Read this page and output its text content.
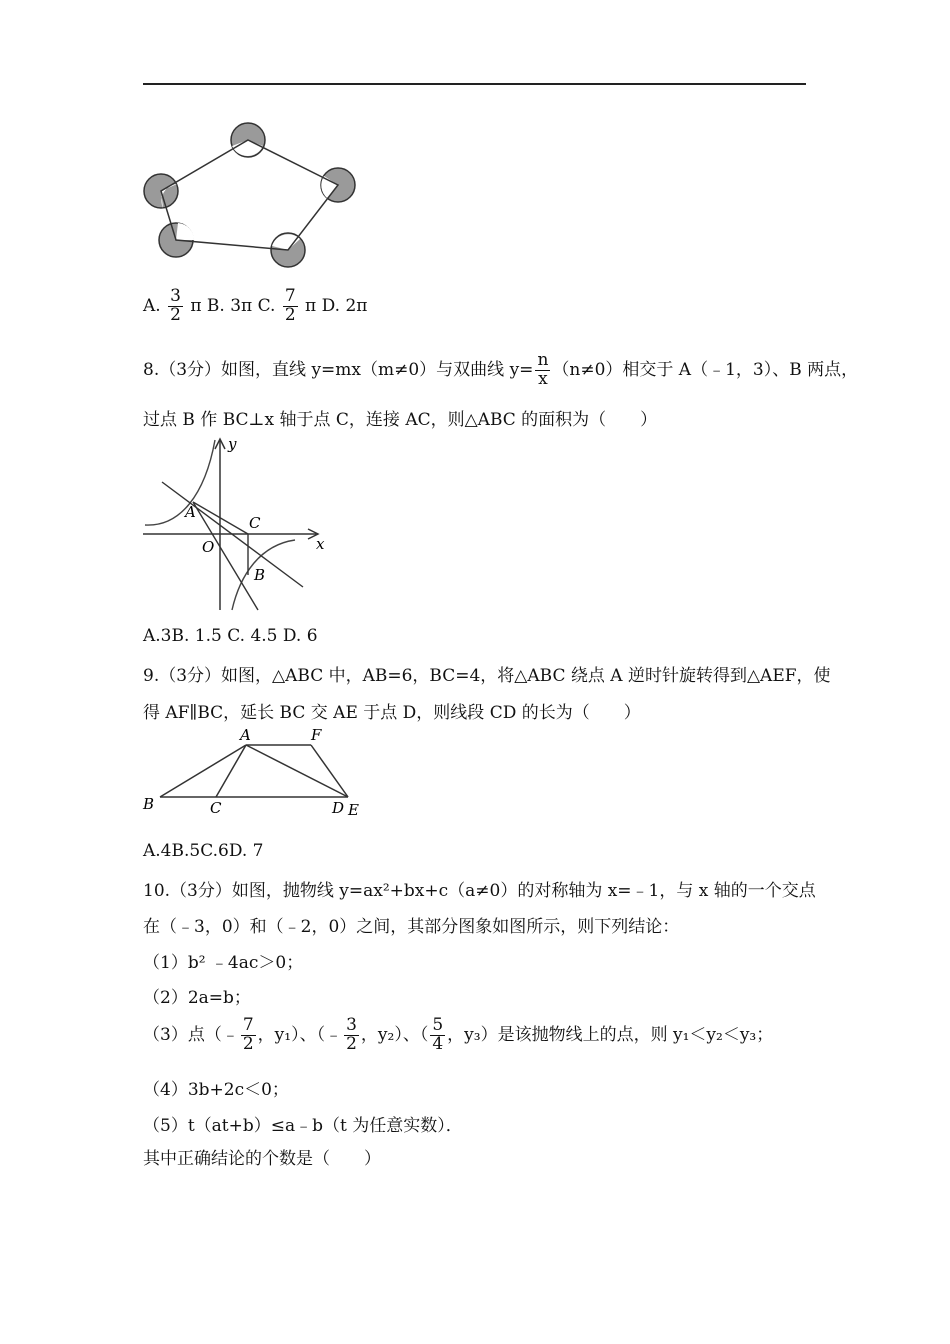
A. $\frac{3}{2}$ π B. 3π C. $\frac{7}{2}$ π D. 2π
8.（3分）如图，直线 y=mx（m≠0）与双曲线 $y= \frac{n}{x} (n\ne 0)$相交于 A（﹣1，3）、B 两点，
过点 B 作 BC⊥x 轴于点 C，连接 AC，则△ABC 的面积为（　　）
y
x
A
C
O
B
A.3B. 1.5 C. 4.5 D. 6
9.（3分）如图，△ABC 中，AB=6，BC=4，将△ABC 绕点 A 逆时针旋转得到△AEF，使
得 AF∥BC，延长 BC 交 AE 于点 D，则线段 CD 的长为（　　）
A	F
B	C	D E
A.4B.5C.6D. 7
10.（3分）如图，抛物线 y=ax²+bx+c（a≠0）的对称轴为 x=﹣1，与 x 轴的一个交点
在（﹣3，0）和（﹣2，0）之间，其部分图象如图所示，则下列结论：
（1）b² ﹣4ac＞0；
（2）2a=b；
（3）点（﹣ $\frac{7}{2}$ ，y₁）、（﹣ $\frac{3}{2}$ ，y₂）、（ $\frac{5}{4}$ ，y₃）是该抛物线上的点，则 y₁＜y₂＜y₃；
（4）3b+2c＜0；
（5）t（at+b）≤a﹣b（t 为任意实数）．
其中正确结论的个数是（　　）
